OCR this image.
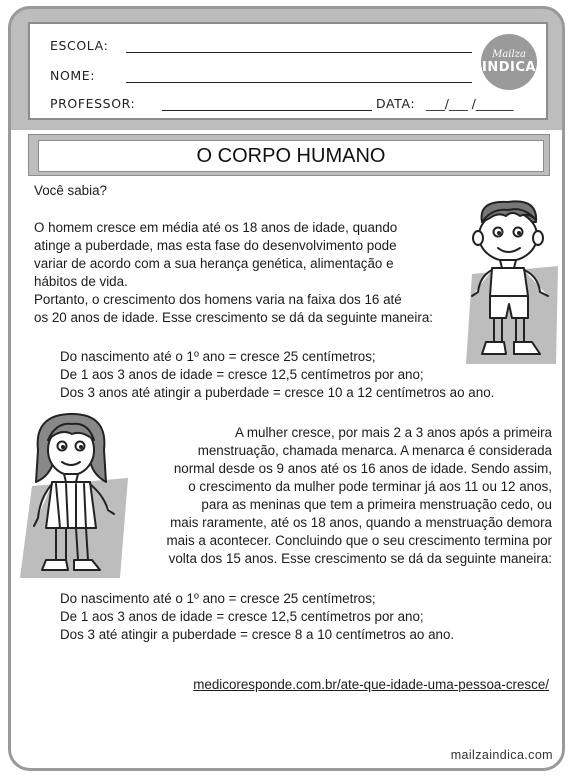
ESCOLA:
NOME:
PROFESSOR:	DATA: ___/___ /______
Mailza
INDICA
O CORPO HUMANO
Você sabia?
O homem cresce em média até os 18 anos de idade, quando
atinge a puberdade, mas esta fase do desenvolvimento pode
variar de acordo com a sua herança genética, alimentação e
hábitos de vida.
Portanto, o crescimento dos homens varia na faixa dos 16 até
os 20 anos de idade. Esse crescimento se dá da seguinte maneira:
Do nascimento até o 1º ano = cresce 25 centímetros;
De 1 aos 3 anos de idade = cresce 12,5 centímetros por ano;
Dos 3 anos até atingir a puberdade = cresce 10 a 12 centímetros ao ano.
A mulher cresce, por mais 2 a 3 anos após a primeira
menstruação, chamada menarca. A menarca é considerada
normal desde os 9 anos até os 16 anos de idade. Sendo assim,
o crescimento da mulher pode terminar já aos 11 ou 12 anos,
para as meninas que tem a primeira menstruação cedo, ou
mais raramente, até os 18 anos, quando a menstruação demora
mais a acontecer. Concluindo que o seu crescimento termina por
volta dos 15 anos. Esse crescimento se dá da seguinte maneira:
Do nascimento até o 1º ano = cresce 25 centímetros;
De 1 aos 3 anos de idade = cresce 12,5 centímetros por ano;
Dos 3 até atingir a puberdade = cresce 8 a 10 centímetros ao ano.
medicoresponde.com.br/ate-que-idade-uma-pessoa-cresce/
mailzaindica.com
